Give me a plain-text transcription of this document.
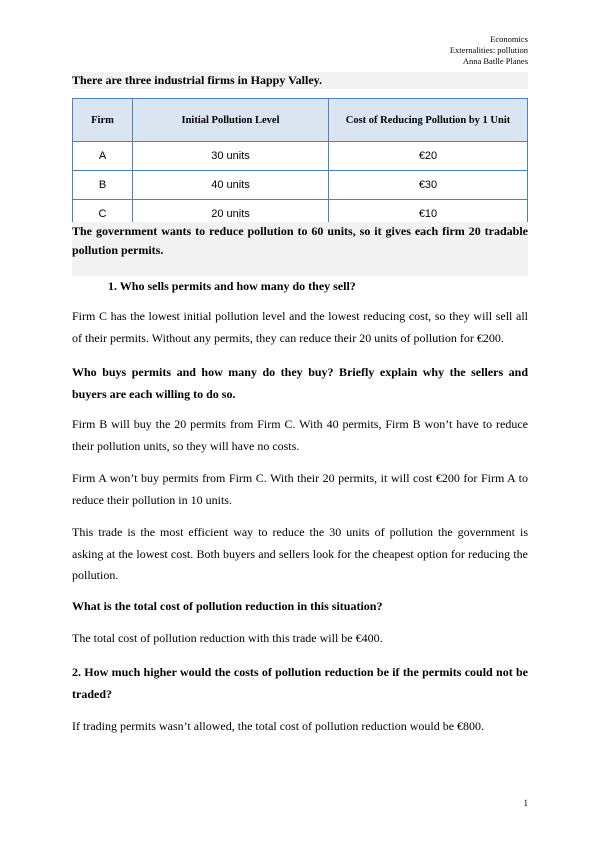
Economics
Externalities: pollution
Anna Batlle Planes
There are three industrial firms in Happy Valley.
Firm	Initial Pollution Level	Cost of Reducing Pollution by 1 Unit
A	30 units	€20
B	40 units	€30
C	20 units	€10
The government wants to reduce pollution to 60 units, so it gives each firm 20 tradable pollution permits.
1. Who sells permits and how many do they sell?
Firm C has the lowest initial pollution level and the lowest reducing cost, so they will sell all of their permits. Without any permits, they can reduce their 20 units of pollution for €200.
Who buys permits and how many do they buy? Briefly explain why the sellers and buyers are each willing to do so.
Firm B will buy the 20 permits from Firm C. With 40 permits, Firm B won’t have to reduce their pollution units, so they will have no costs.
Firm A won’t buy permits from Firm C. With their 20 permits, it will cost €200 for Firm A to reduce their pollution in 10 units.
This trade is the most efficient way to reduce the 30 units of pollution the government is asking at the lowest cost. Both buyers and sellers look for the cheapest option for reducing the pollution.
What is the total cost of pollution reduction in this situation?
The total cost of pollution reduction with this trade will be €400.
2. How much higher would the costs of pollution reduction be if the permits could not be traded?
If trading permits wasn’t allowed, the total cost of pollution reduction would be €800.
1
